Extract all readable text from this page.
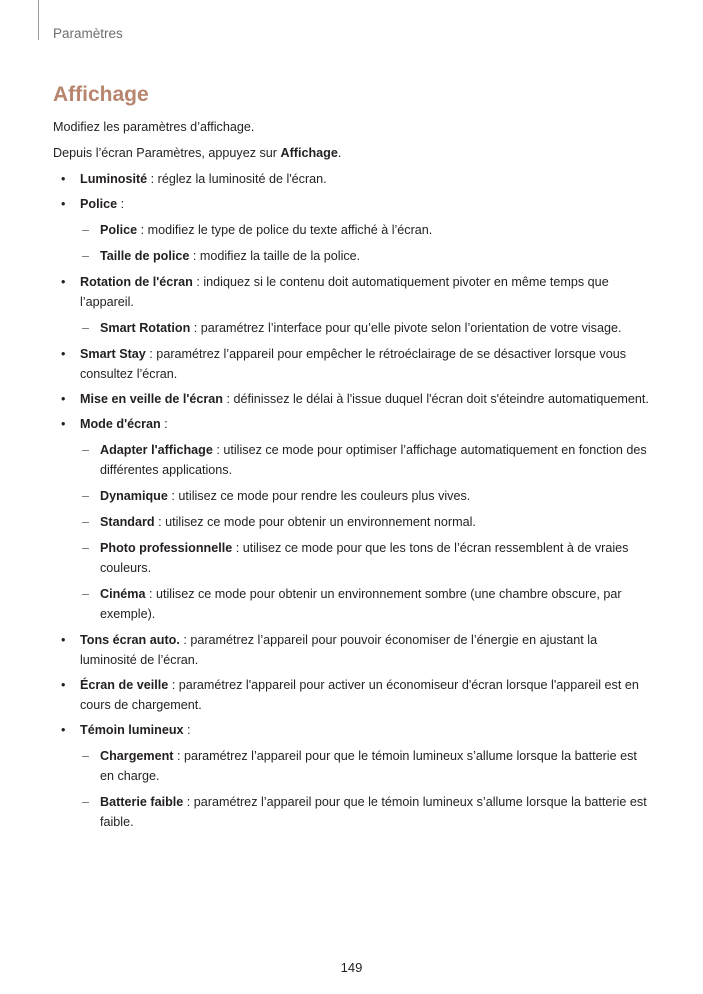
Paramètres
Affichage

Modifiez les paramètres d’affichage.

Depuis l’écran Paramètres, appuyez sur Affichage.

• Luminosité : réglez la luminosité de l'écran.
• Police :
– Police : modifiez le type de police du texte affiché à l’écran.
– Taille de police : modifiez la taille de la police.
• Rotation de l'écran : indiquez si le contenu doit automatiquement pivoter en même temps que l’appareil.
– Smart Rotation : paramétrez l’interface pour qu’elle pivote selon l’orientation de votre visage.
• Smart Stay : paramétrez l’appareil pour empêcher le rétroéclairage de se désactiver lorsque vous consultez l’écran.
• Mise en veille de l'écran : définissez le délai à l'issue duquel l'écran doit s'éteindre automatiquement.
• Mode d'écran :
– Adapter l'affichage : utilisez ce mode pour optimiser l’affichage automatiquement en fonction des différentes applications.
– Dynamique : utilisez ce mode pour rendre les couleurs plus vives.
– Standard : utilisez ce mode pour obtenir un environnement normal.
– Photo professionnelle : utilisez ce mode pour que les tons de l’écran ressemblent à de vraies couleurs.
– Cinéma : utilisez ce mode pour obtenir un environnement sombre (une chambre obscure, par exemple).
• Tons écran auto. : paramétrez l’appareil pour pouvoir économiser de l’énergie en ajustant la luminosité de l’écran.
• Écran de veille : paramétrez l'appareil pour activer un économiseur d'écran lorsque l'appareil est en cours de chargement.
• Témoin lumineux :
– Chargement : paramétrez l’appareil pour que le témoin lumineux s’allume lorsque la batterie est en charge.
– Batterie faible : paramétrez l’appareil pour que le témoin lumineux s’allume lorsque la batterie est faible.
149
